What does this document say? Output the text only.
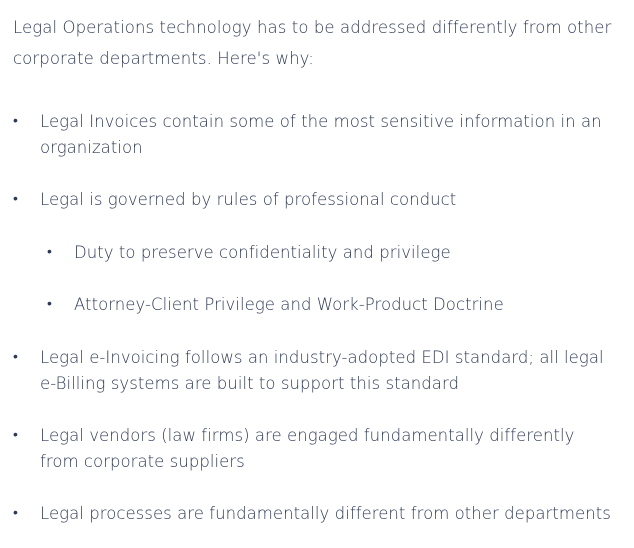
Legal Operations technology has to be addressed differently from other corporate departments. Here's why:

•	Legal Invoices contain some of the most sensitive information in an organization
•	Legal is governed by rules of professional conduct
•	Duty to preserve confidentiality and privilege
•	Attorney-Client Privilege and Work-Product Doctrine
•	Legal e-Invoicing follows an industry-adopted EDI standard; all legal e-Billing systems are built to support this standard
•	Legal vendors (law firms) are engaged fundamentally differently from corporate suppliers
•	Legal processes are fundamentally different from other departments
